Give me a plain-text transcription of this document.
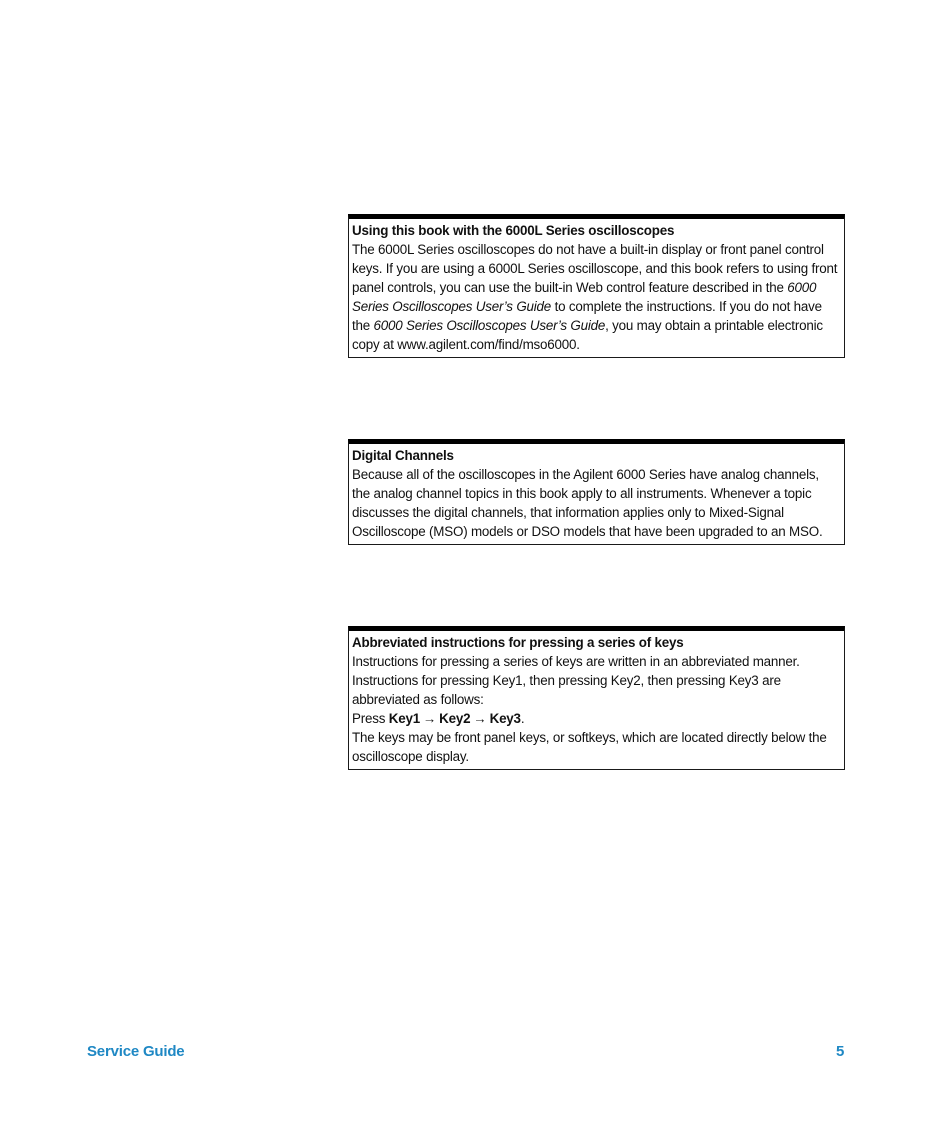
Using this book with the 6000L Series oscilloscopes
The 6000L Series oscilloscopes do not have a built-in display or front panel control keys. If you are using a 6000L Series oscilloscope, and this book refers to using front panel controls, you can use the built-in Web control feature described in the 6000 Series Oscilloscopes User’s Guide to complete the instructions. If you do not have the 6000 Series Oscilloscopes User’s Guide, you may obtain a printable electronic copy at www.agilent.com/find/mso6000.
Digital Channels
Because all of the oscilloscopes in the Agilent 6000 Series have analog channels, the analog channel topics in this book apply to all instruments. Whenever a topic discusses the digital channels, that information applies only to Mixed-Signal Oscilloscope (MSO) models or DSO models that have been upgraded to an MSO.
Abbreviated instructions for pressing a series of keys

Instructions for pressing a series of keys are written in an abbreviated manner. Instructions for pressing Key1, then pressing Key2, then pressing Key3 are abbreviated as follows:

Press Key1 → Key2 → Key3.

The keys may be front panel keys, or softkeys, which are located directly below the oscilloscope display.

Service Guide	5
